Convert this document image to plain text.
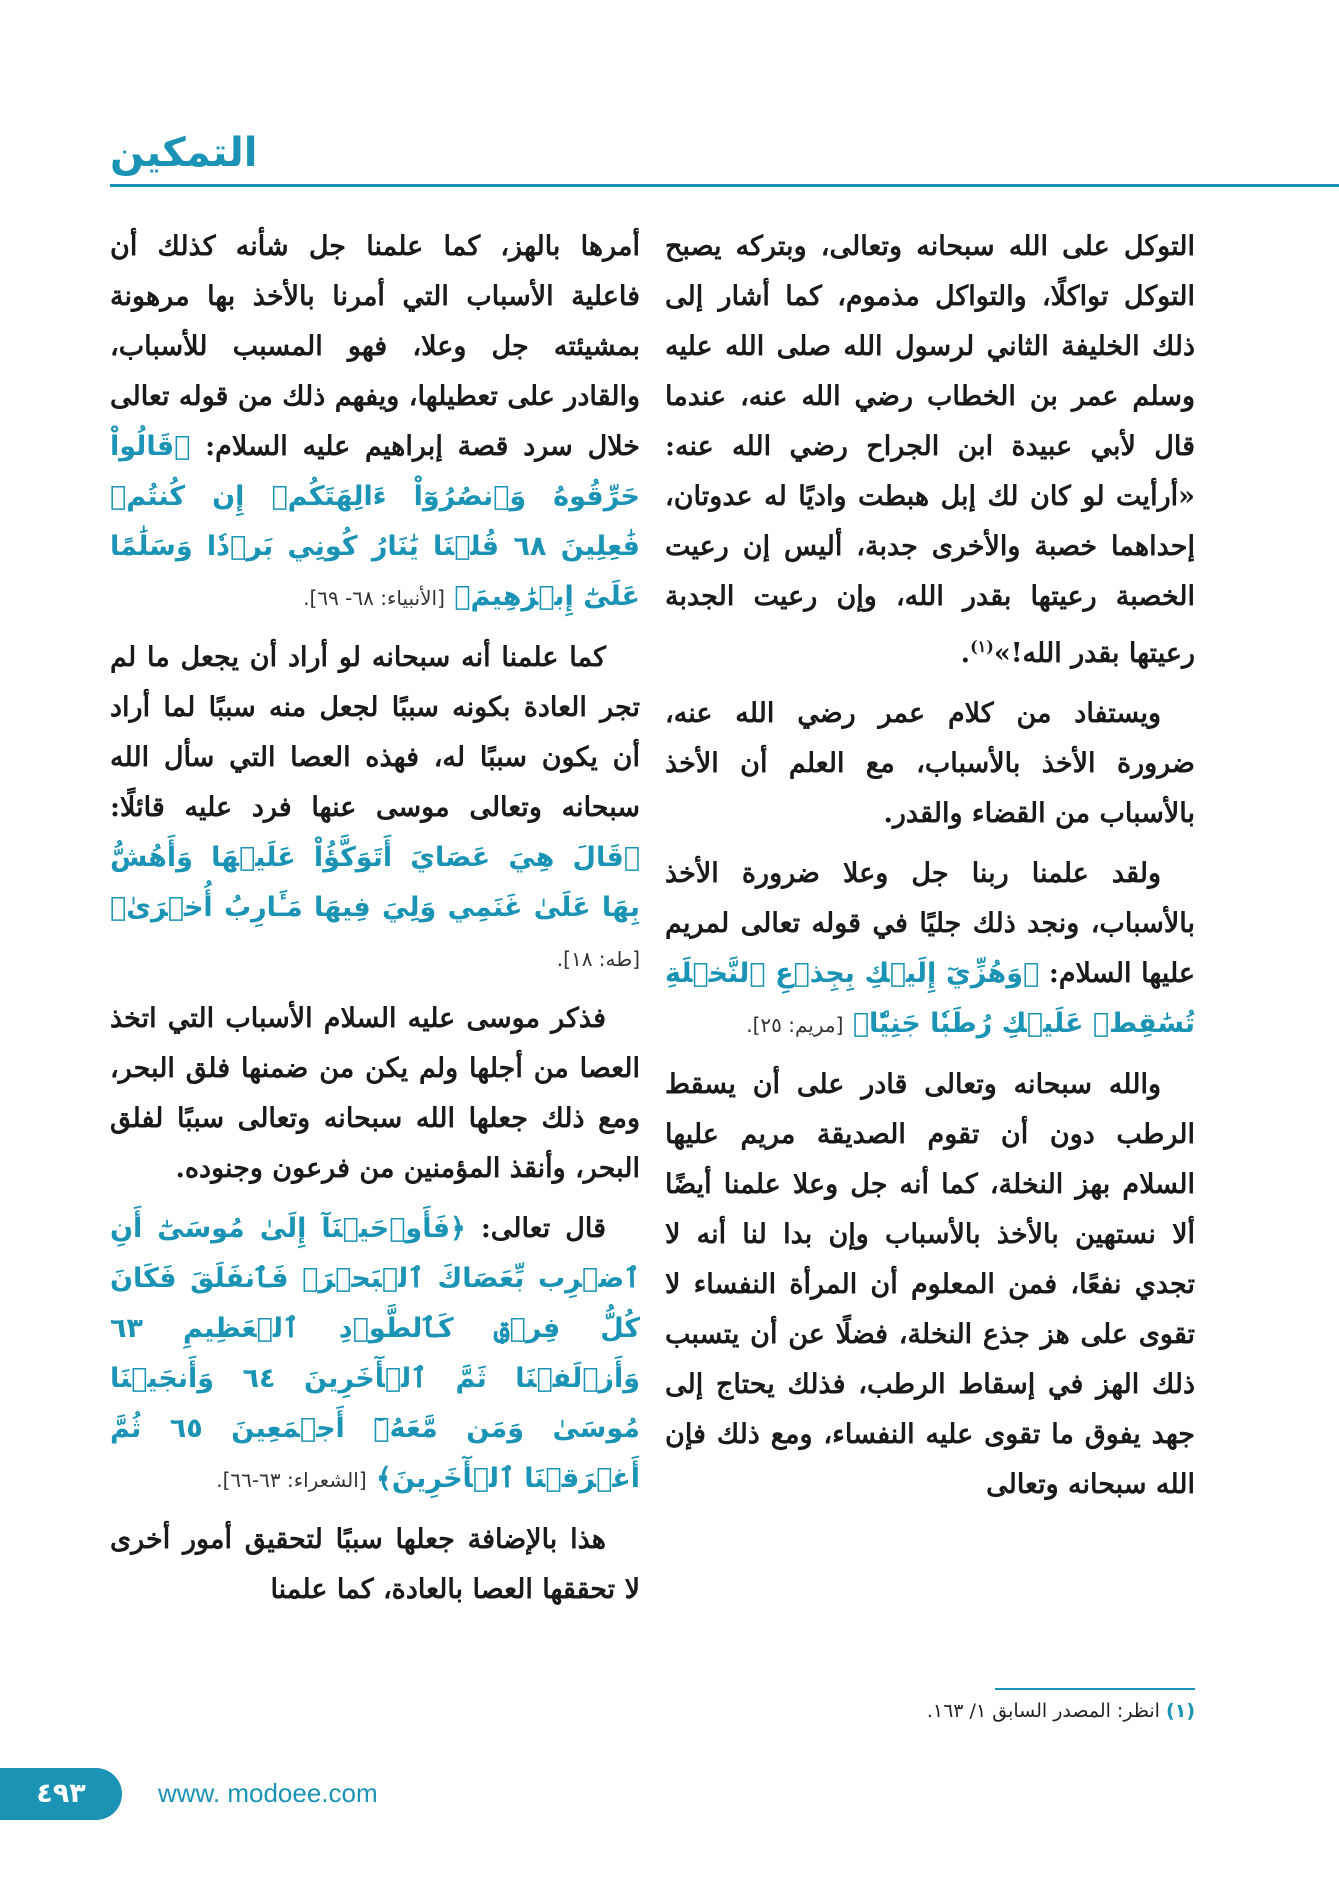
التمكين

التوكل على الله سبحانه وتعالى، وبتركه يصبح التوكل تواكلًا، والتواكل مذموم، كما أشار إلى ذلك الخليفة الثاني لرسول الله صلى الله عليه وسلم عمر بن الخطاب رضي الله عنه، عندما قال لأبي عبيدة ابن الجراح رضي الله عنه: «أرأيت لو كان لك إبل هبطت واديًا له عدوتان، إحداهما خصبة والأخرى جدبة، أليس إن رعيت الخصبة رعيتها بقدر الله، وإن رعيت الجدبة رعيتها بقدر الله!»$^{(١)}$.

ويستفاد من كلام عمر رضي الله عنه، ضرورة الأخذ بالأسباب، مع العلم أن الأخذ بالأسباب من القضاء والقدر.

ولقد علمنا ربنا جل وعلا ضرورة الأخذ بالأسباب، ونجد ذلك جليًا في قوله تعالى لمريم عليها السلام: ﴿وَهُزِّيٓ إِلَيۡكِ بِجِذۡعِ ٱلنَّخۡلَةِ تُسَٰقِطۡ عَلَيۡكِ رُطَبٗا جَنِيّٗا﴾ [مريم: ٢٥].

والله سبحانه وتعالى قادر على أن يسقط الرطب دون أن تقوم الصديقة مريم عليها السلام بهز النخلة، كما أنه جل وعلا علمنا أيضًا ألا نستهين بالأخذ بالأسباب وإن بدا لنا أنه لا تجدي نفعًا، فمن المعلوم أن المرأة النفساء لا تقوى على هز جذع النخلة، فضلًا عن أن يتسبب ذلك الهز في إسقاط الرطب، فذلك يحتاج إلى جهد يفوق ما تقوى عليه النفساء، ومع ذلك فإن الله سبحانه وتعالى

أمرها بالهز، كما علمنا جل شأنه كذلك أن فاعلية الأسباب التي أمرنا بالأخذ بها مرهونة بمشيئته جل وعلا، فهو المسبب للأسباب، والقادر على تعطيلها، ويفهم ذلك من قوله تعالى خلال سرد قصة إبراهيم عليه السلام: ﴿قَالُواْ حَرِّقُوهُ وَٱنصُرُوٓاْ ءَالِهَتَكُمۡ إِن كُنتُمۡ فَٰعِلِينَ ٦٨ قُلۡنَا يَٰنَارُ كُونِي بَرۡدٗا وَسَلَٰمًا عَلَىٰٓ إِبۡرَٰهِيمَ﴾ [الأنبياء: ٦٨- ٦٩].

كما علمنا أنه سبحانه لو أراد أن يجعل ما لم تجر العادة بكونه سببًا لجعل منه سببًا لما أراد أن يكون سببًا له، فهذه العصا التي سأل الله سبحانه وتعالى موسى عنها فرد عليه قائلًا: ﴿قَالَ هِيَ عَصَايَ أَتَوَكَّؤُاْ عَلَيۡهَا وَأَهُشُّ بِهَا عَلَىٰ غَنَمِي وَلِيَ فِيهَا مَـَٔارِبُ أُخۡرَىٰ﴾ [طه: ١٨].

فذكر موسى عليه السلام الأسباب التي اتخذ العصا من أجلها ولم يكن من ضمنها فلق البحر، ومع ذلك جعلها الله سبحانه وتعالى سببًا لفلق البحر، وأنقذ المؤمنين من فرعون وجنوده.

قال تعالى: ﴿فَأَوۡحَيۡنَآ إِلَىٰ مُوسَىٰٓ أَنِ ٱضۡرِب بِّعَصَاكَ ٱلۡبَحۡرَۖ فَٱنفَلَقَ فَكَانَ كُلُّ فِرۡقٖ كَٱلطَّوۡدِ ٱلۡعَظِيمِ ٦٣ وَأَزۡلَفۡنَا ثَمَّ ٱلۡأٓخَرِينَ ٦٤ وَأَنجَيۡنَا مُوسَىٰ وَمَن مَّعَهُۥٓ أَجۡمَعِينَ ٦٥ ثُمَّ أَغۡرَقۡنَا ٱلۡأٓخَرِينَ﴾ [الشعراء: ٦٣-٦٦].

هذا بالإضافة جعلها سببًا لتحقيق أمور أخرى لا تحققها العصا بالعادة، كما علمنا

(١) انظر: المصدر السابق ١/ ١٦٣.
٤٩٣	www. modoee.com
